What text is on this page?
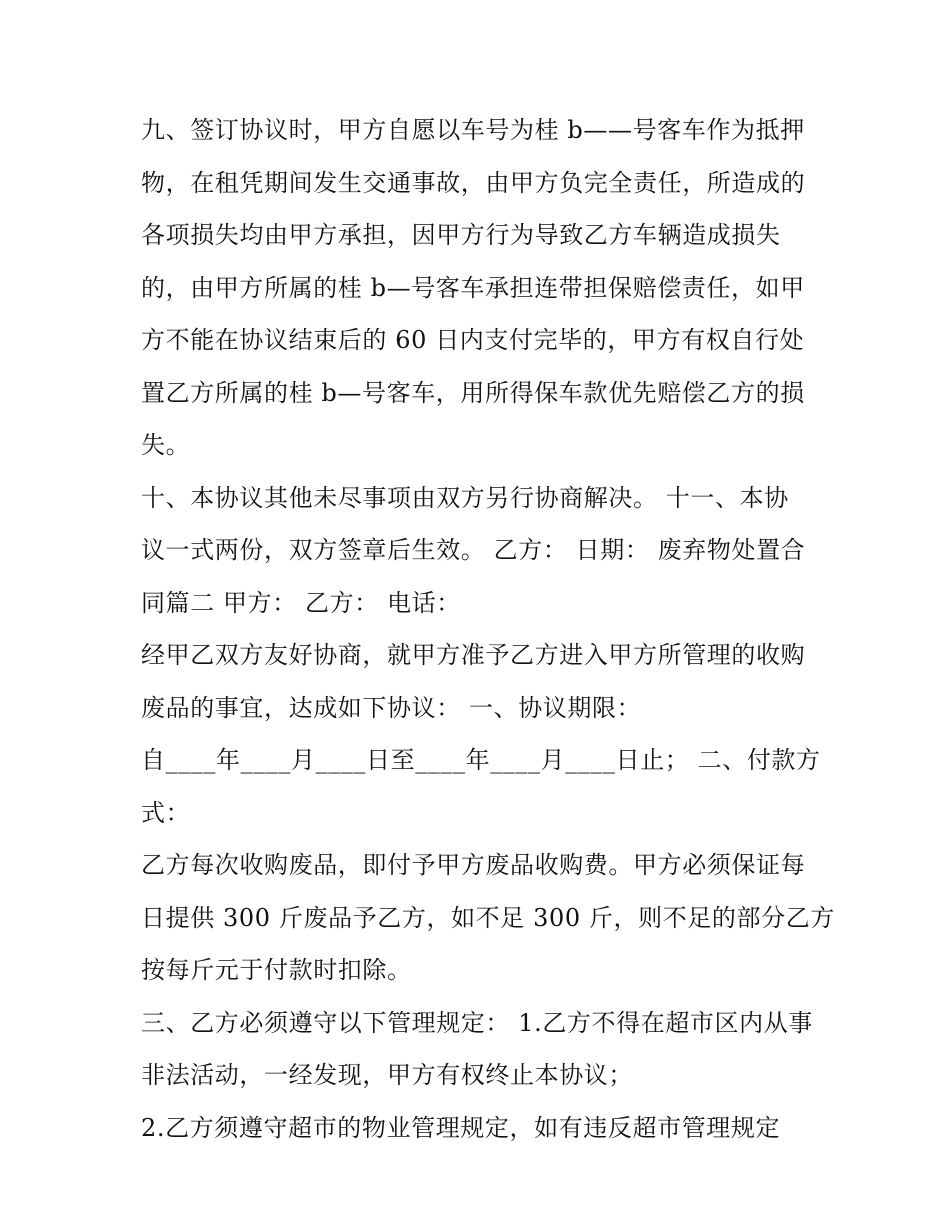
九、签订协议时，甲方自愿以车号为桂 b——号客车作为抵押
物，在租凭期间发生交通事故，由甲方负完全责任，所造成的
各项损失均由甲方承担，因甲方行为导致乙方车辆造成损失
的，由甲方所属的桂 b—号客车承担连带担保赔偿责任，如甲
方不能在协议结束后的 60 日内支付完毕的，甲方有权自行处
置乙方所属的桂 b—号客车，用所得保车款优先赔偿乙方的损
失。
十、本协议其他未尽事项由双方另行协商解决。 十一、本协
议一式两份，双方签章后生效。 乙方： 日期： 废弃物处置合
同篇二 甲方： 乙方： 电话：
经甲乙双方友好协商，就甲方准予乙方进入甲方所管理的收购
废品的事宜，达成如下协议： 一、协议期限：
自____年____月____日至____年____月____日止； 二、付款方
式：
乙方每次收购废品，即付予甲方废品收购费。甲方必须保证每
日提供 300 斤废品予乙方，如不足 300 斤，则不足的部分乙方
按每斤元于付款时扣除。
三、乙方必须遵守以下管理规定： 1.乙方不得在超市区内从事
非法活动，一经发现，甲方有权终止本协议；
2.乙方须遵守超市的物业管理规定，如有违反超市管理规定
